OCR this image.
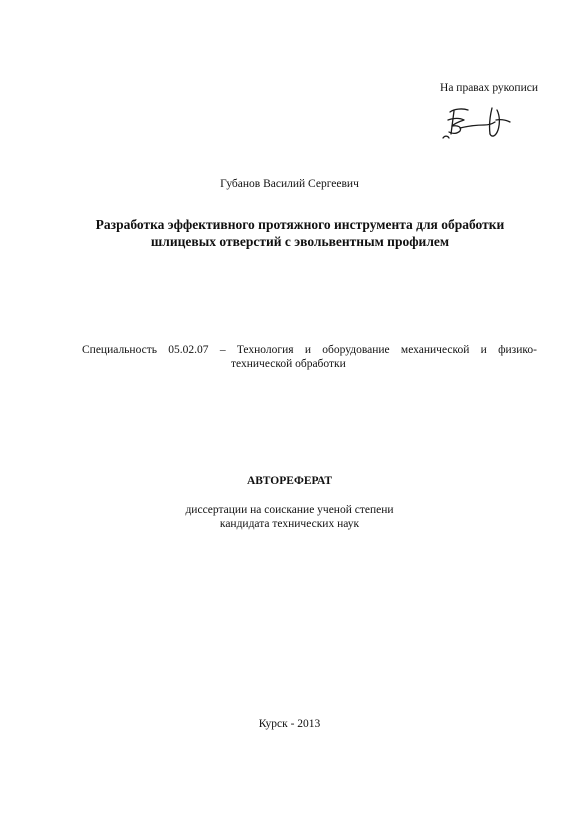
На правах рукописи
Губанов Василий Сергеевич
Разработка эффективного протяжного инструмента для обработки
шлицевых отверстий с эвольвентным профилем
Специальность 05.02.07 – Технология и оборудование механической и физико-
технической обработки
АВТОРЕФЕРАТ
диссертации на соискание ученой степени
кандидата технических наук
Курск - 2013
